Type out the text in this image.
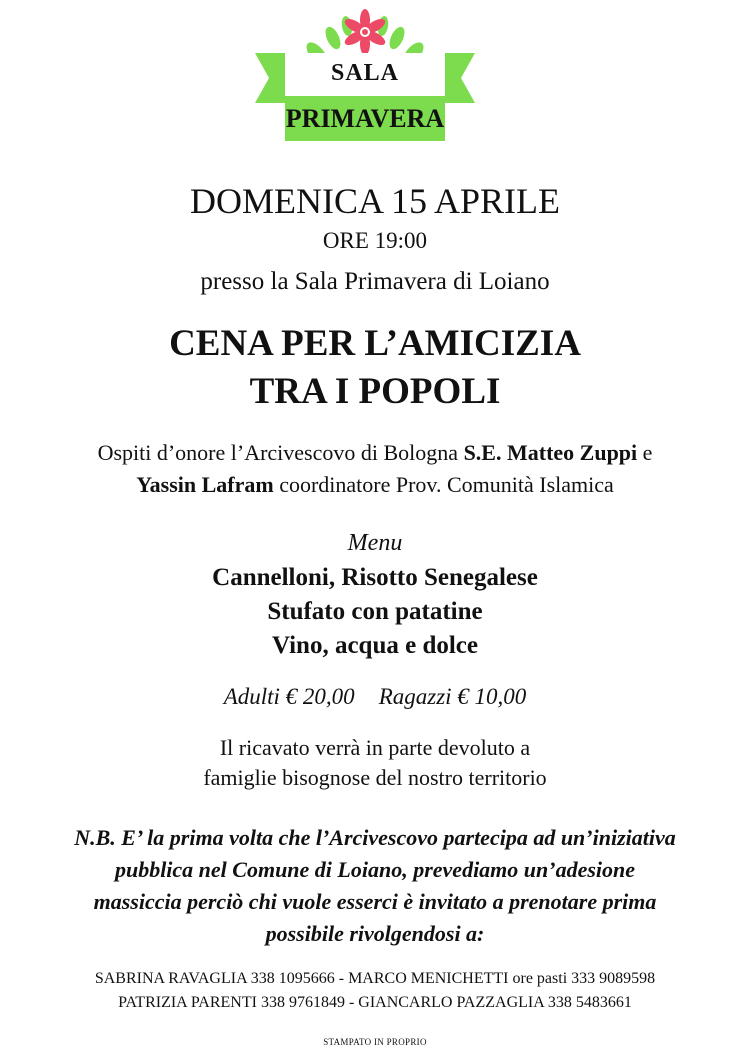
SALA
PRIMAVERA
DOMENICA 15 APRILE
ORE 19:00
presso la Sala Primavera di Loiano
CENA PER L’AMICIZIA
TRA I POPOLI
Ospiti d’onore l’Arcivescovo di Bologna S.E. Matteo Zuppi e
Yassin Lafram coordinatore Prov. Comunità Islamica
Menu
Cannelloni, Risotto Senegalese
Stufato con patatine
Vino, acqua e dolce
Adulti € 20,00 Ragazzi € 10,00
Il ricavato verrà in parte devoluto a
famiglie bisognose del nostro territorio
N.B. E’ la prima volta che l’Arcivescovo partecipa ad un’iniziativa
pubblica nel Comune di Loiano, prevediamo un’adesione
massiccia perciò chi vuole esserci è invitato a prenotare prima
possibile rivolgendosi a:
SABRINA RAVAGLIA 338 1095666 - MARCO MENICHETTI ore pasti 333 9089598
PATRIZIA PARENTI 338 9761849 - GIANCARLO PAZZAGLIA 338 5483661
STAMPATO IN PROPRIO
